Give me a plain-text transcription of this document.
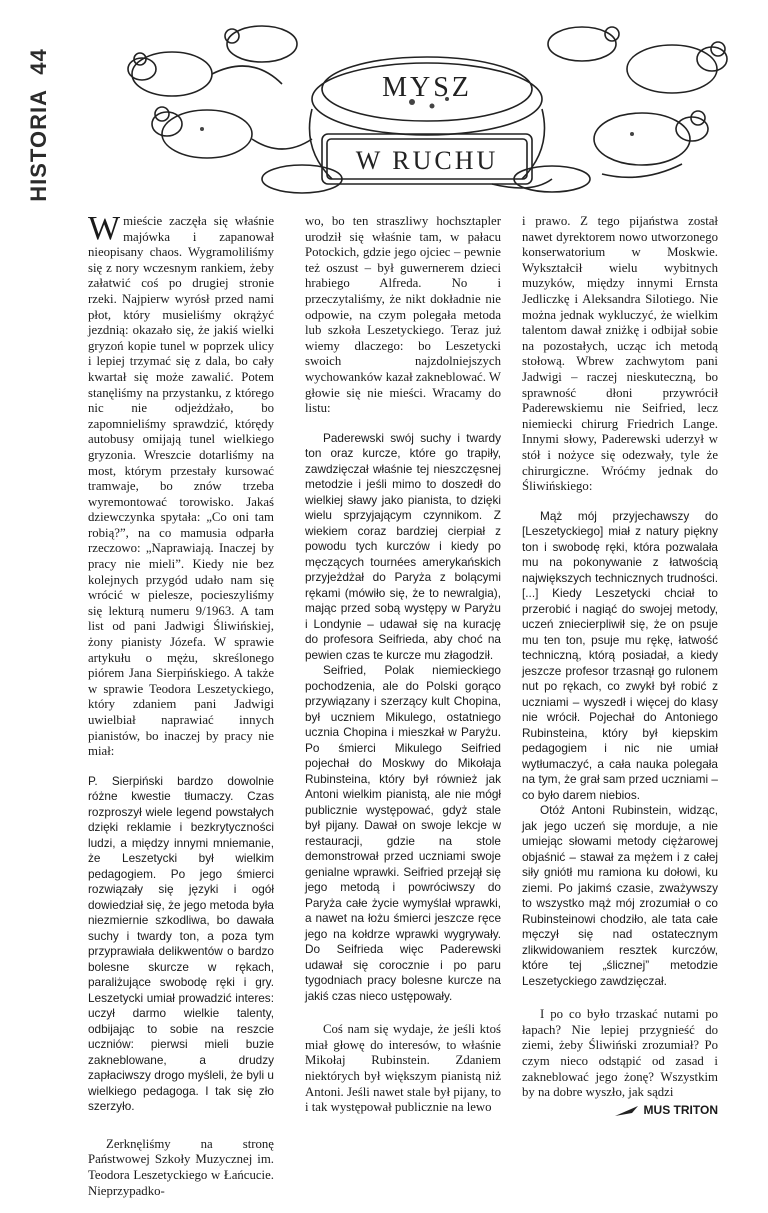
HISTORIA 44
MYSZ
W RUCHU

Wmieście zaczęła się właśnie majówka i zapanował nieopisany chaos. Wygramoliliśmy się z nory wczesnym rankiem, żeby załatwić coś po drugiej stronie rzeki. Najpierw wyrósł przed nami płot, który musieliśmy okrążyć jezdnią: okazało się, że jakiś wielki gryzoń kopie tunel w poprzek ulicy i lepiej trzymać się z dala, bo cały kwartał się może zawalić. Potem stanęliśmy na przystanku, z którego nic nie odjeżdżało, bo zapomnieliśmy sprawdzić, którędy autobusy omijają tunel wielkiego gryzonia. Wreszcie dotarliśmy na most, którym przestały kursować tramwaje, bo znów trzeba wyremontować torowisko. Jakaś dziewczynka spytała: „Co oni tam robią?”, na co mamusia odparła rzeczowo: „Naprawiają. Inaczej by pracy nie mieli”. Kiedy nie bez kolejnych przygód udało nam się wrócić w pielesze, pocieszyliśmy się lekturą numeru 9/1963. A tam list od pani Jadwigi Śliwińskiej, żony pianisty Józefa. W sprawie artykułu o mężu, skreślonego piórem Jana Sierpińskiego. A także w sprawie Teodora Leszetyckiego, który zdaniem pani Jadwigi uwielbiał naprawiać innych pianistów, bo inaczej by pracy nie miał:

P. Sierpiński bardzo dowolnie różne kwestie tłumaczy. Czas rozproszył wiele legend powstałych dzięki reklamie i bezkrytyczności ludzi, a między innymi mniemanie, że Leszetycki był wielkim pedagogiem. Po jego śmierci rozwiązały się języki i ogół dowiedział się, że jego metoda była niezmiernie szkodliwa, bo dawała suchy i twardy ton, a poza tym przyprawiała delikwentów o bardzo bolesne skurcze w rękach, paraliżujące swobodę ręki i gry. Leszetycki umiał prowadzić interes: uczył darmo wielkie talenty, odbijając to sobie na reszcie uczniów: pierwsi mieli buzie zakneblowane, a drudzy zapłaciwszy drogo myśleli, że byli u wielkiego pedagoga. I tak się zło szerzyło.

Zerknęliśmy na stronę Państwowej Szkoły Muzycznej im. Teodora Leszetyckiego w Łańcucie. Nieprzypadko-

wo, bo ten straszliwy hochsztapler urodził się właśnie tam, w pałacu Potockich, gdzie jego ojciec – pewnie też oszust – był guwernerem dzieci hrabiego Alfreda. No i przeczytaliśmy, że nikt dokładnie nie odpowie, na czym polegała metoda lub szkoła Leszetyckiego. Teraz już wiemy dlaczego: bo Leszetycki swoich najzdolniejszych wychowanków kazał zakneblować. W głowie się nie mieści. Wracamy do listu:

Paderewski swój suchy i twardy ton oraz kurcze, które go trapiły, zawdzięczał właśnie tej nieszczęsnej metodzie i jeśli mimo to doszedł do wielkiej sławy jako pianista, to dzięki wielu sprzyjającym czynnikom. Z wiekiem coraz bardziej cierpiał z powodu tych kurczów i kiedy po męczących tournées amerykańskich przyjeżdżał do Paryża z bolącymi rękami (mówiło się, że to newralgia), mając przed sobą występy w Paryżu i Londynie – udawał się na kurację do profesora Seifrieda, aby choć na pewien czas te kurcze mu złagodził.

Seifried, Polak niemieckiego pochodzenia, ale do Polski gorąco przywiązany i szerzący kult Chopina, był uczniem Mikulego, ostatniego ucznia Chopina i mieszkał w Paryżu. Po śmierci Mikulego Seifried pojechał do Moskwy do Mikołaja Rubinsteina, który był również jak Antoni wielkim pianistą, ale nie mógł publicznie występować, gdyż stale był pijany. Dawał on swoje lekcje w restauracji, gdzie na stole demonstrował przed uczniami swoje genialne wprawki. Seifried przejął się jego metodą i powróciwszy do Paryża całe życie wymyślał wprawki, a nawet na łożu śmierci jeszcze ręce jego na kołdrze wprawki wygrywały. Do Seifrieda więc Paderewski udawał się corocznie i po paru tygodniach pracy bolesne kurcze na jakiś czas nieco ustępowały.

Coś nam się wydaje, że jeśli ktoś miał głowę do interesów, to właśnie Mikołaj Rubinstein. Zdaniem niektórych był większym pianistą niż Antoni. Jeśli nawet stale był pijany, to i tak występował publicznie na lewo

i prawo. Z tego pijaństwa został nawet dyrektorem nowo utworzonego konserwatorium w Moskwie. Wykształcił wielu wybitnych muzyków, między innymi Ernsta Jedliczkę i Aleksandra Silotiego. Nie można jednak wykluczyć, że wielkim talentom dawał zniżkę i odbijał sobie na pozostałych, ucząc ich metodą stołową. Wbrew zachwytom pani Jadwigi – raczej nieskuteczną, bo sprawność dłoni przywrócił Paderewskiemu nie Seifried, lecz niemiecki chirurg Friedrich Lange. Innymi słowy, Paderewski uderzył w stół i nożyce się odezwały, tyle że chirurgiczne. Wróćmy jednak do Śliwińskiego:

Mąż mój przyjechawszy do [Leszetyckiego] miał z natury piękny ton i swobodę ręki, która pozwalała mu na pokonywanie z łatwością największych technicznych trudności. [...] Kiedy Leszetycki chciał to przerobić i nagiąć do swojej metody, uczeń zniecierpliwił się, że on psuje mu ten ton, psuje mu rękę, łatwość techniczną, którą posiadał, a kiedy jeszcze profesor trzasnął go rulonem nut po rękach, co zwykł był robić z uczniami – wyszedł i więcej do klasy nie wrócił. Pojechał do Antoniego Rubinsteina, który był kiepskim pedagogiem i nic nie umiał wytłumaczyć, a cała nauka polegała na tym, że grał sam przed uczniami – co było darem niebios.

Otóż Antoni Rubinstein, widząc, jak jego uczeń się morduje, a nie umiejąc słowami metody ciężarowej objaśnić – stawał za mężem i z całej siły gniótł mu ramiona ku dołowi, ku ziemi. Po jakimś czasie, zważywszy to wszystko mąż mój zrozumiał o co Rubinsteinowi chodziło, ale tata całe męczył się nad ostatecznym zlikwidowaniem resztek kurczów, które tej „ślicznej” metodzie Leszetyckiego zawdzięczał.

I po co było trzaskać nutami po łapach? Nie lepiej przygnieść do ziemi, żeby Śliwiński zrozumiał? Po czym nieco odstąpić od zasad i zakneblować jego żonę? Wszystkim by na dobre wyszło, jak sądzi

MUS TRITON
